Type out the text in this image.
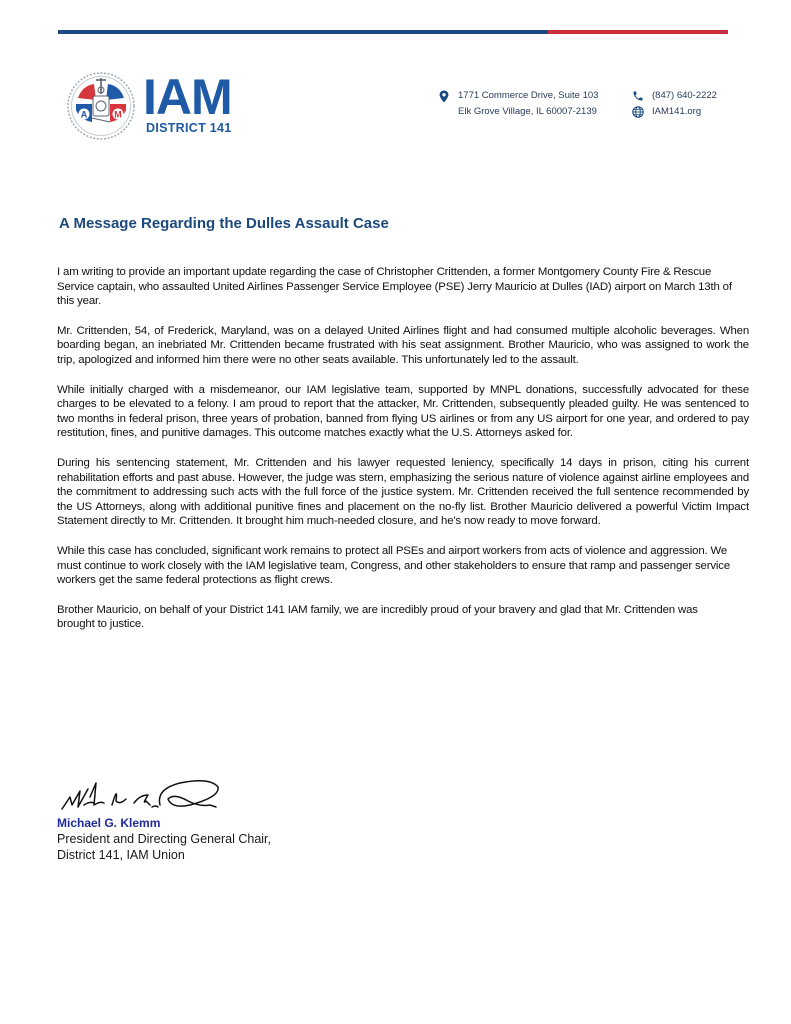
A	M IAM
DISTRICT 141
1771 Commerce Drive, Suite 103
Elk Grove Village, IL 60007-2139
(847) 640-2222
IAM141.org
A Message Regarding the Dulles Assault Case

I am writing to provide an important update regarding the case of Christopher Crittenden, a former Montgomery County Fire & Rescue Service captain, who assaulted United Airlines Passenger Service Employee (PSE) Jerry Mauricio at Dulles (IAD) airport on March 13th of this year.

Mr. Crittenden, 54, of Frederick, Maryland, was on a delayed United Airlines flight and had consumed multiple alcoholic beverages. When boarding began, an inebriated Mr. Crittenden became frustrated with his seat assignment. Brother Mauricio, who was assigned to work the trip, apologized and informed him there were no other seats available. This unfortunately led to the assault.

While initially charged with a misdemeanor, our IAM legislative team, supported by MNPL donations, successfully advocated for these charges to be elevated to a felony. I am proud to report that the attacker, Mr. Crittenden, subsequently pleaded guilty. He was sentenced to two months in federal prison, three years of probation, banned from flying US airlines or from any US airport for one year, and ordered to pay restitution, fines, and punitive damages. This outcome matches exactly what the U.S. Attorneys asked for.

During his sentencing statement, Mr. Crittenden and his lawyer requested leniency, specifically 14 days in prison, citing his current rehabilitation efforts and past abuse. However, the judge was stern, emphasizing the serious nature of violence against airline employees and the commitment to addressing such acts with the full force of the justice system. Mr. Crittenden received the full sentence recommended by the US Attorneys, along with additional punitive fines and placement on the no-fly list. Brother Mauricio delivered a powerful Victim Impact Statement directly to Mr. Crittenden. It brought him much-needed closure, and he's now ready to move forward.

While this case has concluded, significant work remains to protect all PSEs and airport workers from acts of violence and aggression. We must continue to work closely with the IAM legislative team, Congress, and other stakeholders to ensure that ramp and passenger service workers get the same federal protections as flight crews.

Brother Mauricio, on behalf of your District 141 IAM family, we are incredibly proud of your bravery and glad that Mr. Crittenden was brought to justice.

Michael G. Klemm
President and Directing General Chair,
District 141, IAM Union
